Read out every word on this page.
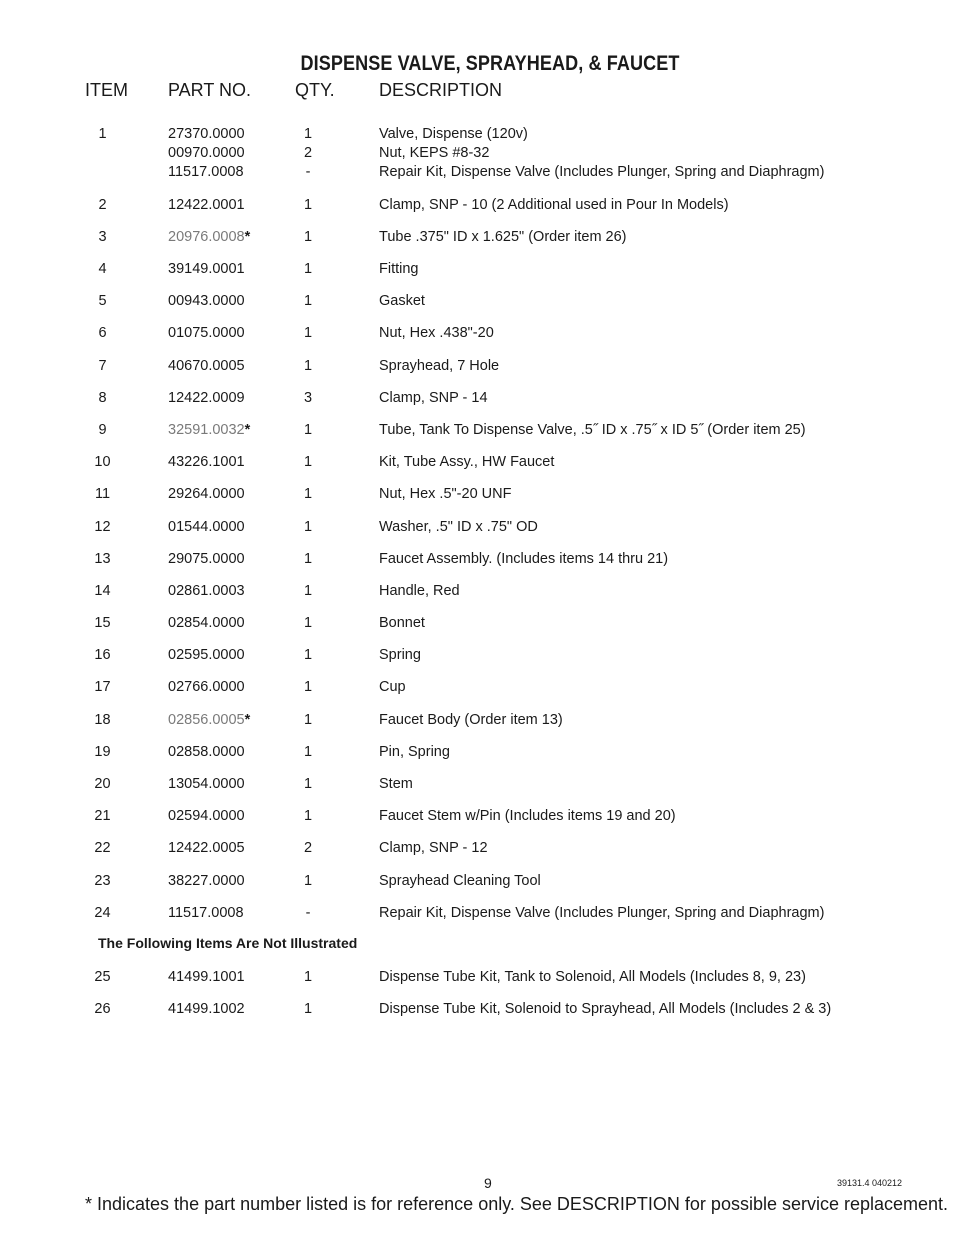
DISPENSE VALVE, SPRAYHEAD, & FAUCET
ITEM PART NO. QTY. DESCRIPTION
1	27370.0000	1	Valve, Dispense (120v)
00970.0000	2	Nut, KEPS #8-32
11517.0008	-	Repair Kit, Dispense Valve (Includes Plunger, Spring and Diaphragm)
2	12422.0001	1	Clamp, SNP - 10 (2 Additional used in Pour In Models)
3	20976.0008*	1	Tube .375" ID x 1.625" (Order item 26)
4	39149.0001	1	Fitting
5	00943.0000	1	Gasket
6	01075.0000	1	Nut, Hex .438"-20
7	40670.0005	1	Sprayhead, 7 Hole
8	12422.0009	3	Clamp, SNP - 14
9	32591.0032*	1	Tube, Tank To Dispense Valve, .5˝ ID x .75˝ x ID 5˝ (Order item 25)
10	43226.1001	1	Kit, Tube Assy., HW Faucet
11	29264.0000	1	Nut, Hex .5"-20 UNF
12	01544.0000	1	Washer, .5" ID x .75" OD
13	29075.0000	1	Faucet Assembly. (Includes items 14 thru 21)
14	02861.0003	1	Handle, Red
15	02854.0000	1	Bonnet
16	02595.0000	1	Spring
17	02766.0000	1	Cup
18	02856.0005*	1	Faucet Body (Order item 13)
19	02858.0000	1	Pin, Spring
20	13054.0000	1	Stem
21	02594.0000	1	Faucet Stem w/Pin (Includes items 19 and 20)
22	12422.0005	2	Clamp, SNP - 12
23	38227.0000	1	Sprayhead Cleaning Tool
24	11517.0008	-	Repair Kit, Dispense Valve (Includes Plunger, Spring and Diaphragm)
25	41499.1001	1	Dispense Tube Kit, Tank to Solenoid, All Models (Includes 8, 9, 23)
26	41499.1002	1	Dispense Tube Kit, Solenoid to Sprayhead, All Models (Includes 2 & 3)
The Following Items Are Not Illustrated
9	39131.4 040212
* Indicates the part number listed is for reference only. See DESCRIPTION for possible service replacement.
